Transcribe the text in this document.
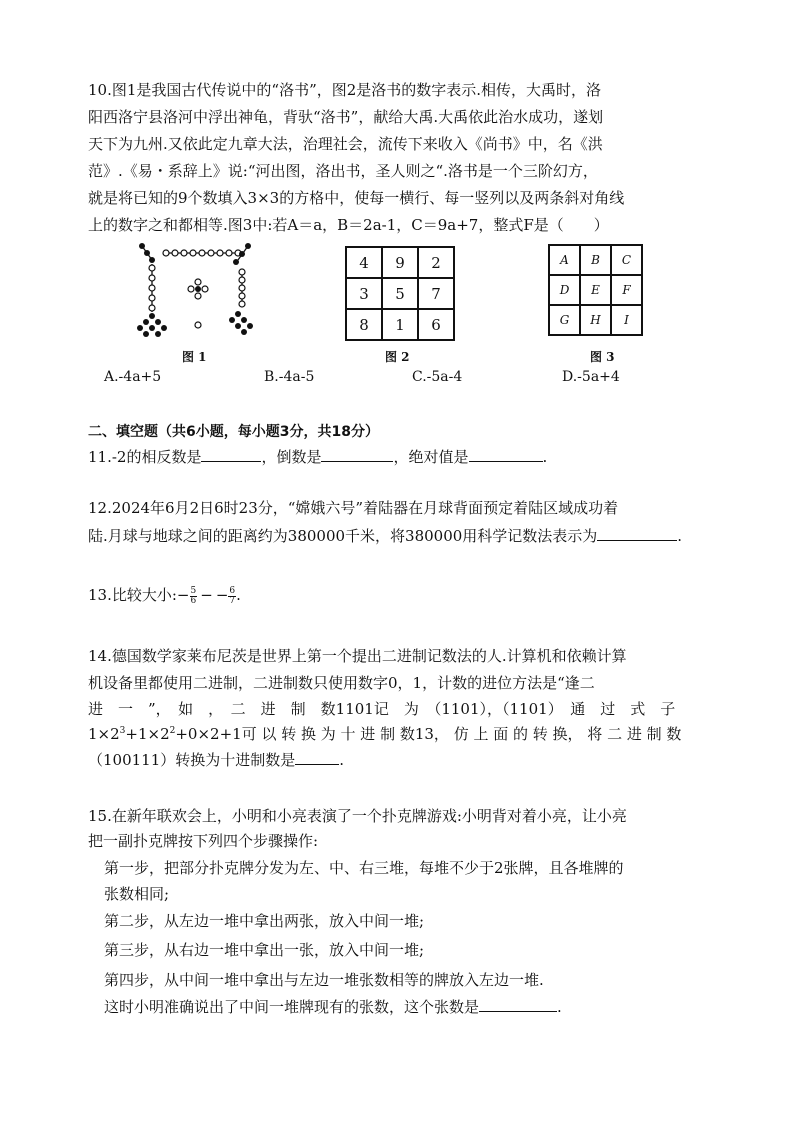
10.图1是我国古代传说中的“洛书”，图2是洛书的数字表示.相传，大禹时，洛
阳西洛宁县洛河中浮出神龟，背驮“洛书”，献给大禹.大禹依此治水成功，遂划
天下为九州.又依此定九章大法，治理社会，流传下来收入《尚书》中，名《洪
范》.《易・系辞上》说:“河出图，洛出书，圣人则之“.洛书是一个三阶幻方，
就是将已知的9个数填入3×3的方格中，使每一横行、每一竖列以及两条斜对角线
上的数字之和都相等.图3中:若A＝a，B＝2a-1，C＝9a+7，整式F是（　　）
图 1
4	9	2
3	5	7
8	1	6
图 2
A	B	C
D	E	F
G	H	I
图 3
A.-4a+5	B.-4a-5	C.-5a-4	D.-5a+4
二、填空题（共6小题，每小题3分，共18分）
11.-2的相反数是	，倒数是	，绝对值是	.
12.2024年6月2日6时23分，“嫦娥六号”着陆器在月球背面预定着陆区域成功着
陆.月球与地球之间的距离约为380000千米，将380000用科学记数法表示为	.
13.比较大小:− $\frac{5}{6}$ − − $\frac{6}{7}$ .
14.德国数学家莱布尼茨是世界上第一个提出二进制记数法的人.计算机和依赖计算
机设备里都使用二进制，二进制数只使用数字0，1，计数的进位方法是“逢二
进　一　”，　如　，　二　进　制　数1101记　为　（1101），（1101）　通　过　式　子
$1\times 2^3+1\times 2^2+0\times 2+1$可 以 转 换 为 十 进 制 数13， 仿 上 面 的 转 换， 将 二 进 制 数
（100111）转换为十进制数是	.
15.在新年联欢会上，小明和小亮表演了一个扑克牌游戏:小明背对着小亮，让小亮
把一副扑克牌按下列四个步骤操作:
第一步，把部分扑克牌分发为左、中、右三堆，每堆不少于2张牌，且各堆牌的
张数相同;
第二步，从左边一堆中拿出两张，放入中间一堆;
第三步，从右边一堆中拿出一张，放入中间一堆;
第四步，从中间一堆中拿出与左边一堆张数相等的牌放入左边一堆.
这时小明准确说出了中间一堆牌现有的张数，这个张数是	.
